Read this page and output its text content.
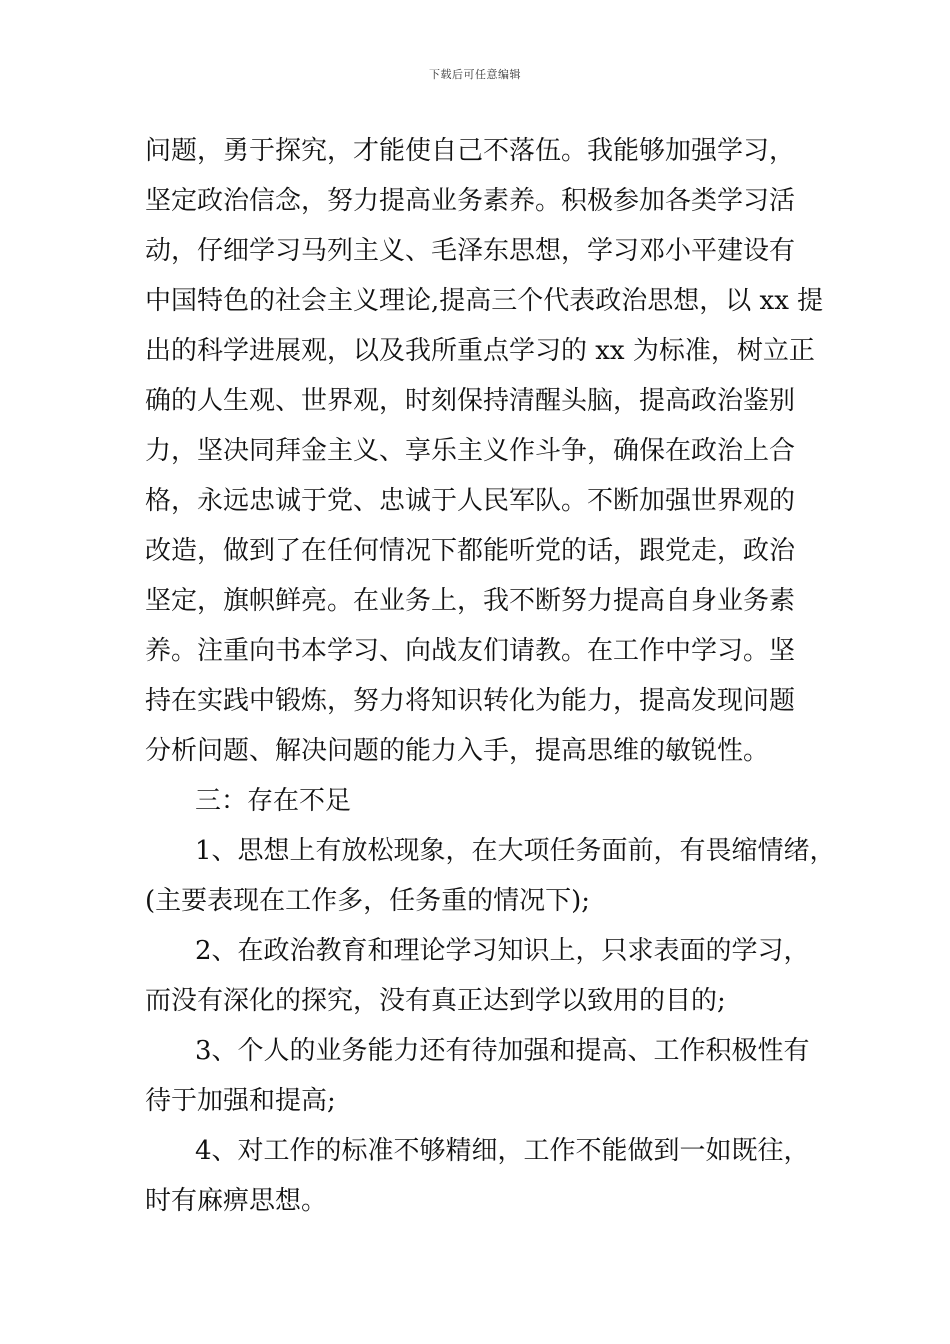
下载后可任意编辑
问题，勇于探究，才能使自己不落伍。我能够加强学习，
坚定政治信念，努力提高业务素养。积极参加各类学习活
动，仔细学习马列主义、毛泽东思想，学习邓小平建设有
中国特色的社会主义理论,提高三个代表政治思想，以 xx 提
出的科学进展观，以及我所重点学习的 xx 为标准，树立正
确的人生观、世界观，时刻保持清醒头脑，提高政治鉴别
力，坚决同拜金主义、享乐主义作斗争，确保在政治上合
格，永远忠诚于党、忠诚于人民军队。不断加强世界观的
改造，做到了在任何情况下都能听党的话，跟党走，政治
坚定，旗帜鲜亮。在业务上，我不断努力提高自身业务素
养。注重向书本学习、向战友们请教。在工作中学习。坚
持在实践中锻炼，努力将知识转化为能力，提高发现问题
分析问题、解决问题的能力入手，提高思维的敏锐性。
三：存在不足
1、思想上有放松现象，在大项任务面前，有畏缩情绪，
(主要表现在工作多，任务重的情况下);
2、在政治教育和理论学习知识上，只求表面的学习，
而没有深化的探究，没有真正达到学以致用的目的;
3、个人的业务能力还有待加强和提高、工作积极性有
待于加强和提高;
4、对工作的标准不够精细，工作不能做到一如既往，
时有麻痹思想。
